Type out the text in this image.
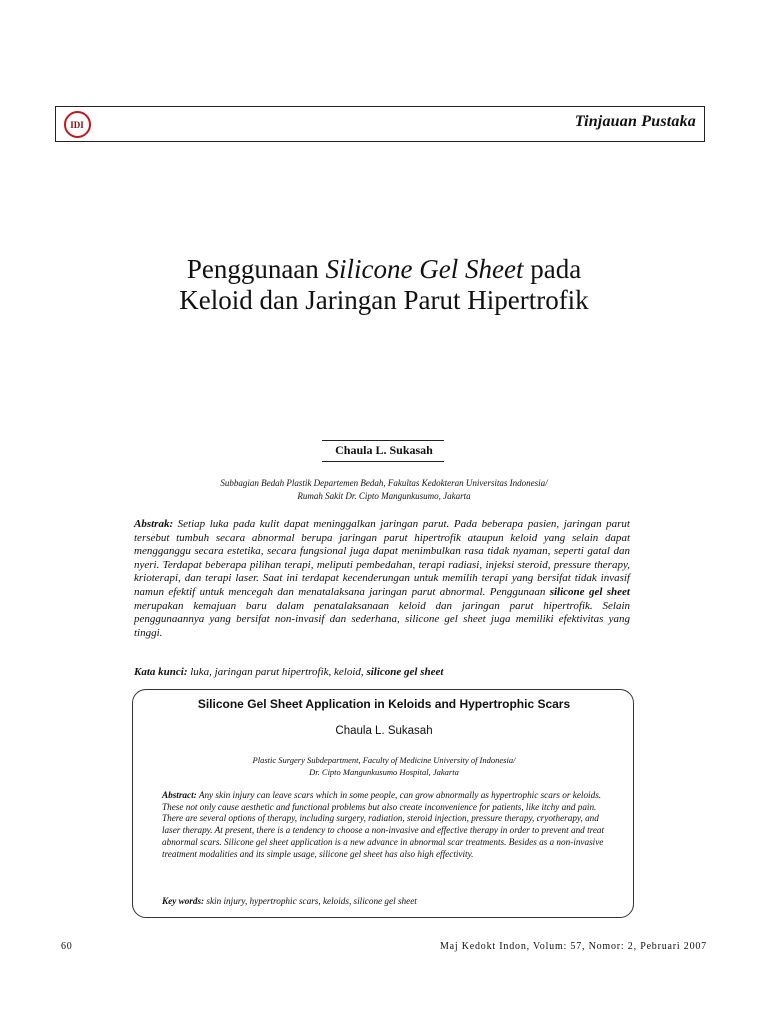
IDI	Tinjauan Pustaka
Penggunaan Silicone Gel Sheet pada
Keloid dan Jaringan Parut Hipertrofik
Chaula L. Sukasah
Subbagian Bedah Plastik Departemen Bedah, Fakultas Kedokteran Universitas Indonesia/
Rumah Sakit Dr. Cipto Mangunkusumo, Jakarta
Abstrak: Setiap luka pada kulit dapat meninggalkan jaringan parut. Pada beberapa pasien, jaringan parut tersebut tumbuh secara abnormal berupa jaringan parut hipertrofik ataupun keloid yang selain dapat mengganggu secara estetika, secara fungsional juga dapat menimbulkan rasa tidak nyaman, seperti gatal dan nyeri. Terdapat beberapa pilihan terapi, meliputi pembedahan, terapi radiasi, injeksi steroid, pressure therapy, krioterapi, dan terapi laser. Saat ini terdapat kecenderungan untuk memilih terapi yang bersifat tidak invasif namun efektif untuk mencegah dan menatalaksana jaringan parut abnormal. Penggunaan silicone gel sheet merupakan kemajuan baru dalam penatalaksanaan keloid dan jaringan parut hipertrofik. Selain penggunaannya yang bersifat non-invasif dan sederhana, silicone gel sheet juga memiliki efektivitas yang tinggi.
Kata kunci: luka, jaringan parut hipertrofik, keloid, silicone gel sheet
Silicone Gel Sheet Application in Keloids and Hypertrophic Scars
Chaula L. Sukasah
Plastic Surgery Subdepartment, Faculty of Medicine University of Indonesia/
Dr. Cipto Mangunkusumo Hospital, Jakarta
Abstract: Any skin injury can leave scars which in some people, can grow abnormally as hypertrophic scars or keloids. These not only cause aesthetic and functional problems but also create inconvenience for patients, like itchy and pain. There are several options of therapy, including surgery, radiation, steroid injection, pressure therapy, cryotherapy, and laser therapy. At present, there is a tendency to choose a non-invasive and effective therapy in order to prevent and treat abnormal scars. Silicone gel sheet application is a new advance in abnormal scar treatments. Besides as a non-invasive treatment modalities and its simple usage, silicone gel sheet has also high effectivity.
Key words: skin injury, hypertrophic scars, keloids, silicone gel sheet
60	Maj Kedokt Indon, Volum: 57, Nomor: 2, Pebruari 2007
